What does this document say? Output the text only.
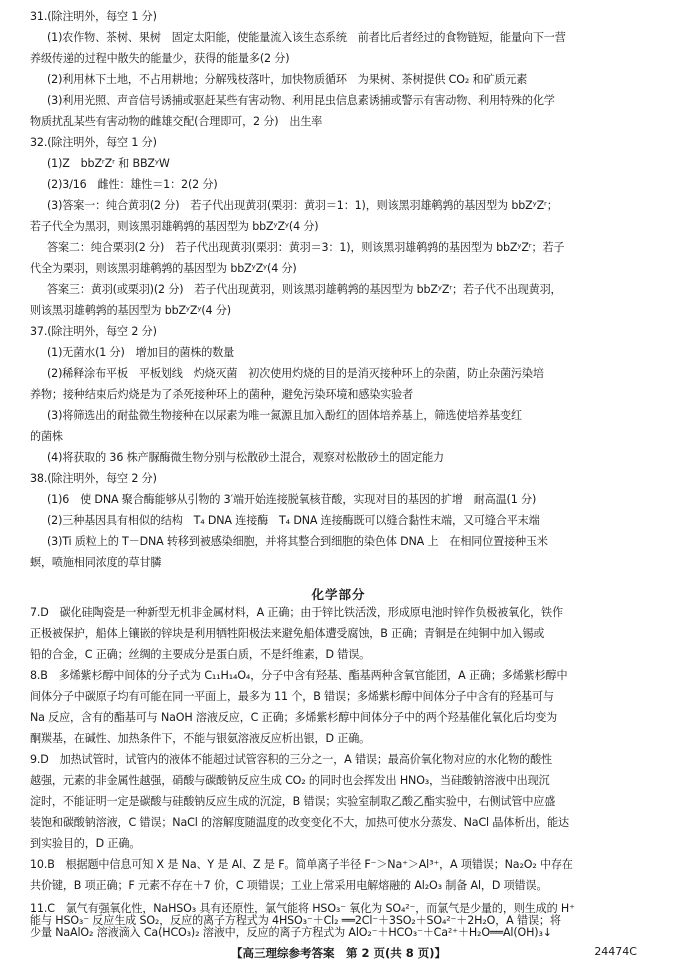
31.(除注明外，每空 1 分)
(1)农作物、茶树、果树　固定太阳能，使能量流入该生态系统　前者比后者经过的食物链短，能量向下一营
养级传递的过程中散失的能量少，获得的能量多(2 分)
(2)利用林下土地，不占用耕地；分解残枝落叶，加快物质循环　为果树、茶树提供 CO₂ 和矿质元素
(3)利用光照、声音信号诱捕或驱赶某些有害动物、利用昆虫信息素诱捕或警示有害动物、利用特殊的化学
物质扰乱某些有害动物的雌雄交配(合理即可，2 分)　出生率
32.(除注明外，每空 1 分)
(1)Z　bbZʳZʳ 和 BBZʸW
(2)3/16　雌性：雄性＝1：2(2 分)
(3)答案一：纯合黄羽(2 分)　若子代出现黄羽(栗羽：黄羽＝1：1)，则该黑羽雄鹌鹑的基因型为 bbZʸZʳ；
若子代全为黑羽，则该黑羽雄鹌鹑的基因型为 bbZʸZʸ(4 分)
答案二：纯合栗羽(2 分)　若子代出现黄羽(栗羽：黄羽＝3：1)，则该黑羽雄鹌鹑的基因型为 bbZʸZʳ；若子
代全为栗羽，则该黑羽雄鹌鹑的基因型为 bbZʸZʸ(4 分)
答案三：黄羽(或栗羽)(2 分)　若子代出现黄羽，则该黑羽雄鹌鹑的基因型为 bbZʸZʳ；若子代不出现黄羽，
则该黑羽雄鹌鹑的基因型为 bbZʸZʸ(4 分)
37.(除注明外，每空 2 分)
(1)无菌水(1 分)　增加目的菌株的数量
(2)稀释涂布平板　平板划线　灼烧灭菌　初次使用灼烧的目的是消灭接种环上的杂菌，防止杂菌污染培
养物；接种结束后灼烧是为了杀死接种环上的菌种，避免污染环境和感染实验者
(3)将筛选出的耐盐微生物接种在以尿素为唯一氮源且加入酚红的固体培养基上，筛选使培养基变红
的菌株
(4)将获取的 36 株产脲酶微生物分别与松散砂土混合，观察对松散砂土的固定能力
38.(除注明外，每空 2 分)
(1)6　使 DNA 聚合酶能够从引物的 3′端开始连接脱氧核苷酸，实现对目的基因的扩增　耐高温(1 分)
(2)三种基因具有相似的结构　T₄ DNA 连接酶　T₄ DNA 连接酶既可以缝合黏性末端，又可缝合平末端
(3)Ti 质粒上的 T－DNA 转移到被感染细胞，并将其整合到细胞的染色体 DNA 上　在相同位置接种玉米
螟，喷施相同浓度的草甘膦
化学部分
7.D　碳化硅陶瓷是一种新型无机非金属材料，A 正确；由于锌比铁活泼，形成原电池时锌作负极被氧化，铁作
正极被保护，船体上镶嵌的锌块是利用牺牲阳极法来避免船体遭受腐蚀，B 正确；青铜是在纯铜中加入锡或
铅的合金，C 正确；丝绸的主要成分是蛋白质，不是纤维素，D 错误。
8.B　多烯紫杉醇中间体的分子式为 C₁₁H₁₄O₄，分子中含有羟基、酯基两种含氧官能团，A 正确；多烯紫杉醇中
间体分子中碳原子均有可能在同一平面上，最多为 11 个，B 错误；多烯紫杉醇中间体分子中含有的羟基可与
Na 反应，含有的酯基可与 NaOH 溶液反应，C 正确；多烯紫杉醇中间体分子中的两个羟基催化氧化后均变为
酮羰基，在碱性、加热条件下，不能与银氨溶液反应析出银，D 正确。
9.D　加热试管时，试管内的液体不能超过试管容积的三分之一，A 错误；最高价氧化物对应的水化物的酸性
越强，元素的非金属性越强，硝酸与碳酸钠反应生成 CO₂ 的同时也会挥发出 HNO₃，当硅酸钠溶液中出现沉
淀时，不能证明一定是碳酸与硅酸钠反应生成的沉淀，B 错误；实验室制取乙酸乙酯实验中，右侧试管中应盛
装饱和碳酸钠溶液，C 错误；NaCl 的溶解度随温度的改变变化不大，加热可使水分蒸发、NaCl 晶体析出，能达
到实验目的，D 正确。
10.B　根据题中信息可知 X 是 Na、Y 是 Al、Z 是 F。简单离子半径 F⁻＞Na⁺＞Al³⁺，A 项错误；Na₂O₂ 中存在
共价键，B 项正确；F 元素不存在＋7 价，C 项错误；工业上常采用电解熔融的 Al₂O₃ 制备 Al，D 项错误。
11.C　氯气有强氧化性，NaHSO₃ 具有还原性，氯气能将 HSO₃⁻ 氧化为 SO₄²⁻，而氯气是少量的，则生成的 H⁺
能与 HSO₃⁻ 反应生成 SO₂，反应的离子方程式为 4HSO₃⁻＋Cl₂ ══2Cl⁻＋3SO₂＋SO₄²⁻＋2H₂O，A 错误；将
【高三理综参考答案　第 2 页(共 8 页)】	24474C
少量 NaAlO₂ 溶液滴入 Ca(HCO₃)₂ 溶液中，反应的离子方程式为 AlO₂⁻＋HCO₃⁻＋Ca²⁺＋H₂O══Al(OH)₃↓
